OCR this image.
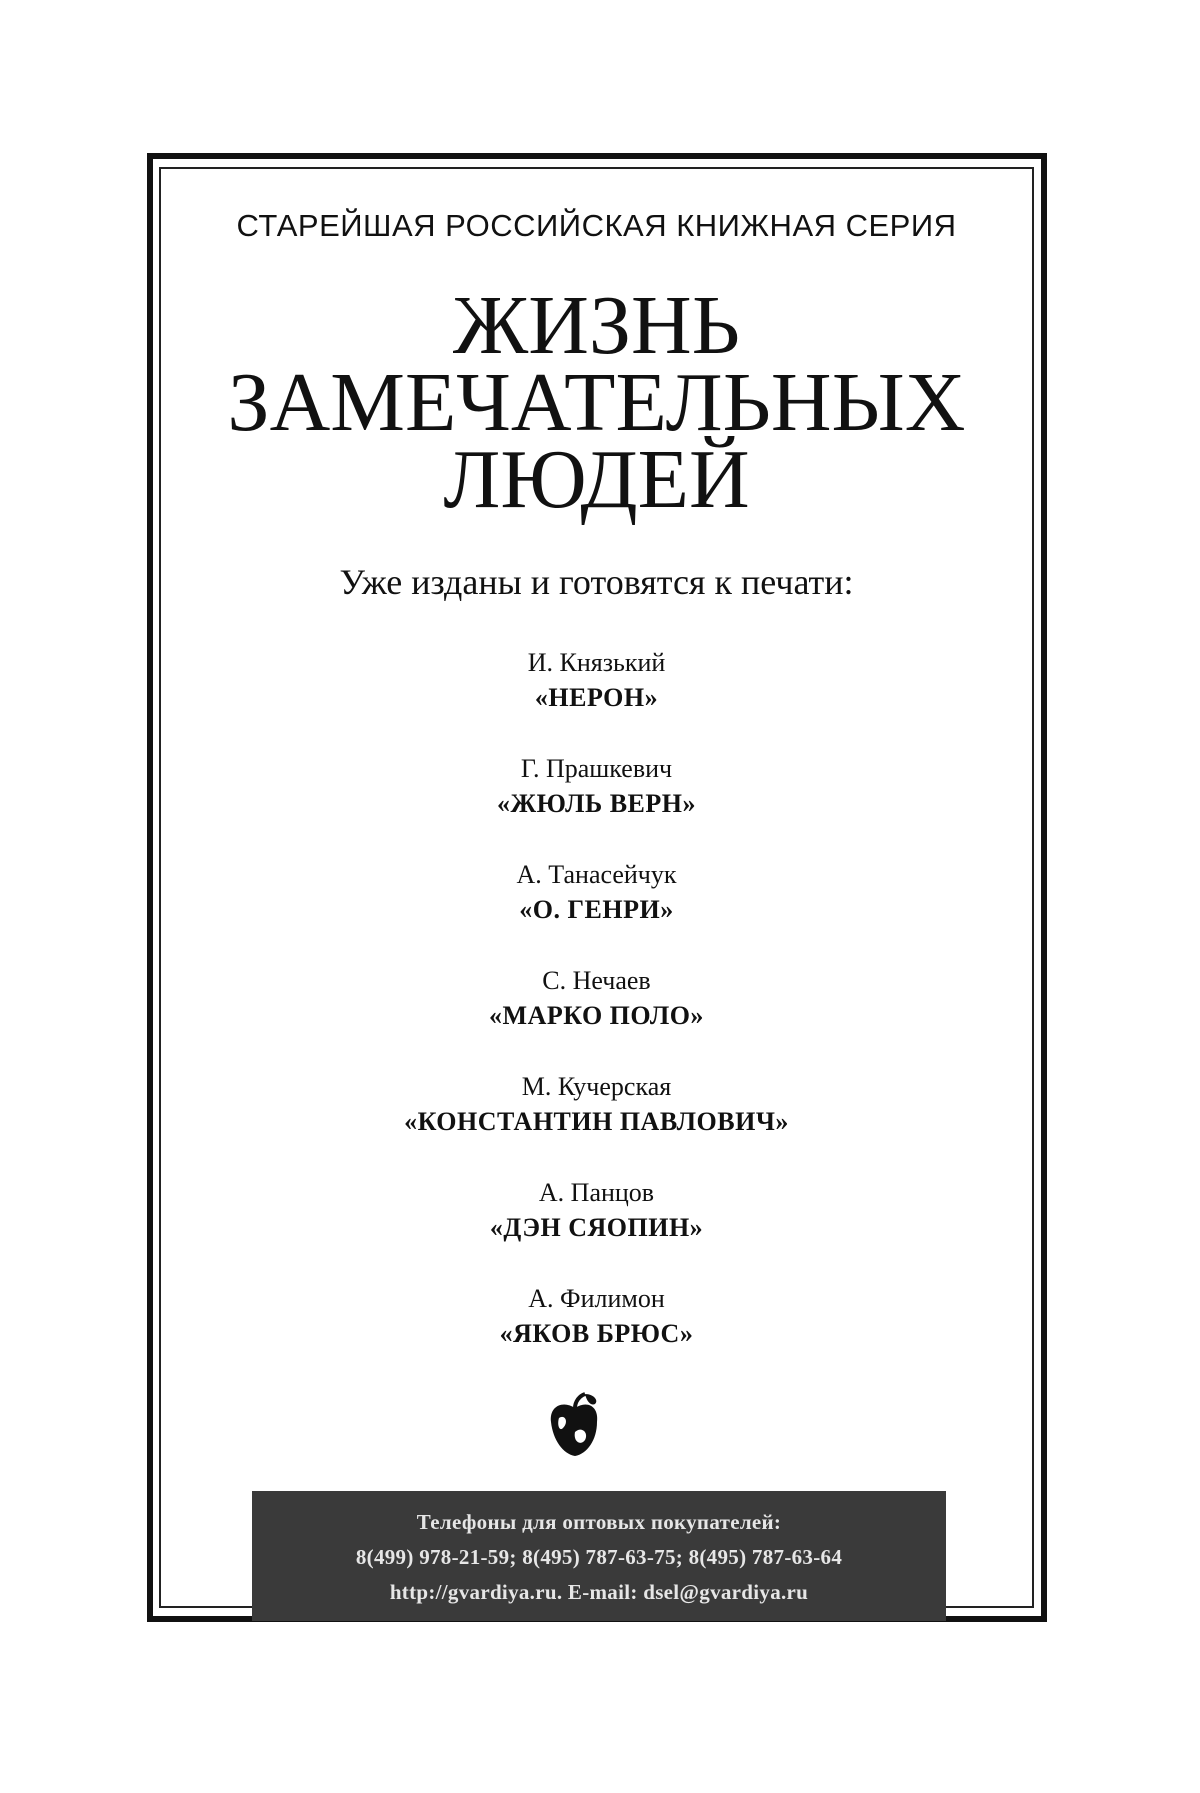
СТАРЕЙШАЯ РОССИЙСКАЯ КНИЖНАЯ СЕРИЯ
ЖИЗНЬ
ЗАМЕЧАТЕЛЬНЫХ
ЛЮДЕЙ
Уже изданы и готовятся к печати:
И. Князький
«НЕРОН»
Г. Прашкевич
«ЖЮЛЬ ВЕРН»
А. Танасейчук
«О. ГЕНРИ»
С. Нечаев
«МАРКО ПОЛО»
М. Кучерская
«КОНСТАНТИН ПАВЛОВИЧ»
А. Панцов
«ДЭН СЯОПИН»
А. Филимон
«ЯКОВ БРЮС»
Телефоны для оптовых покупателей:
8(499) 978-21-59; 8(495) 787-63-75; 8(495) 787-63-64
http://gvardiya.ru. E-mail: dsel@gvardiya.ru
